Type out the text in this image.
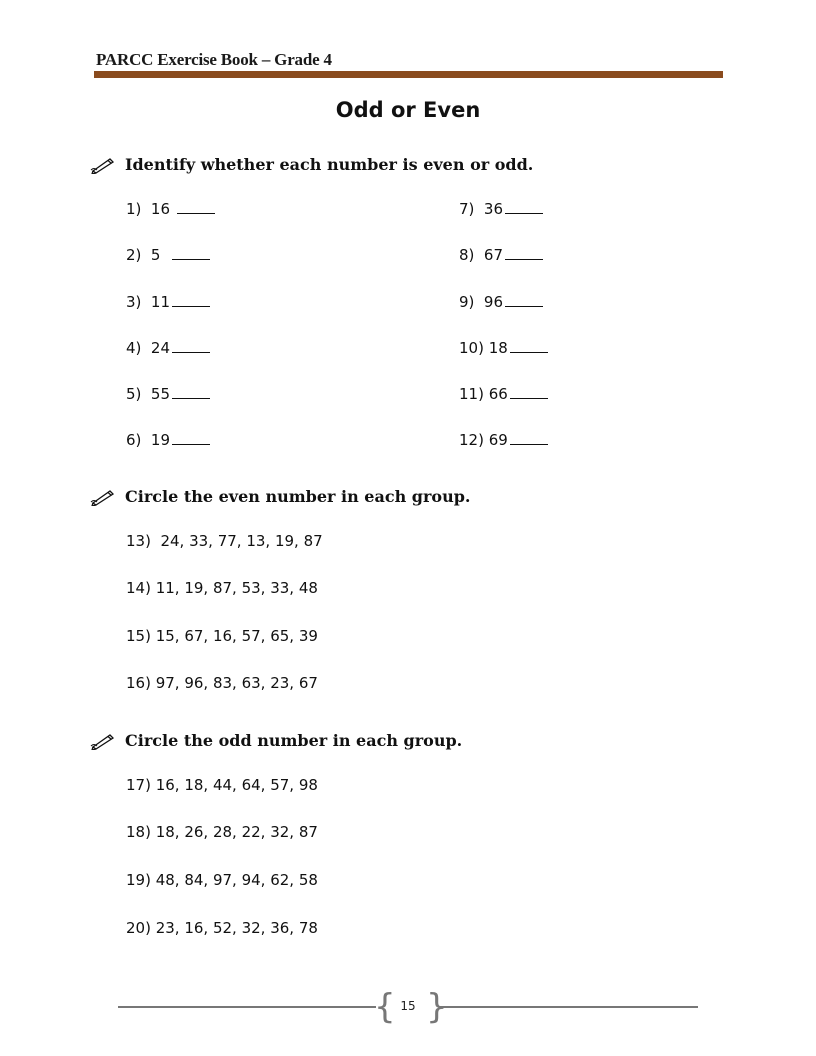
PARCC Exercise Book – Grade 4
Odd or Even
Identify whether each number is even or odd.
1)  16
2)  5
3)  11
4)  24
5)  55
6)  19
7)  36
8)  67
9)  96
10) 18
11) 66
12) 69
Circle the even number in each group.
13)  24, 33, 77, 13, 19, 87
14) 11, 19, 87, 53, 33, 48
15) 15, 67, 16, 57, 65, 39
16) 97, 96, 83, 63, 23, 67
Circle the odd number in each group.
17) 16, 18, 44, 64, 57, 98
18) 18, 26, 28, 22, 32, 87
19) 48, 84, 97, 94, 62, 58
20) 23, 16, 52, 32, 36, 78
{ }
15
